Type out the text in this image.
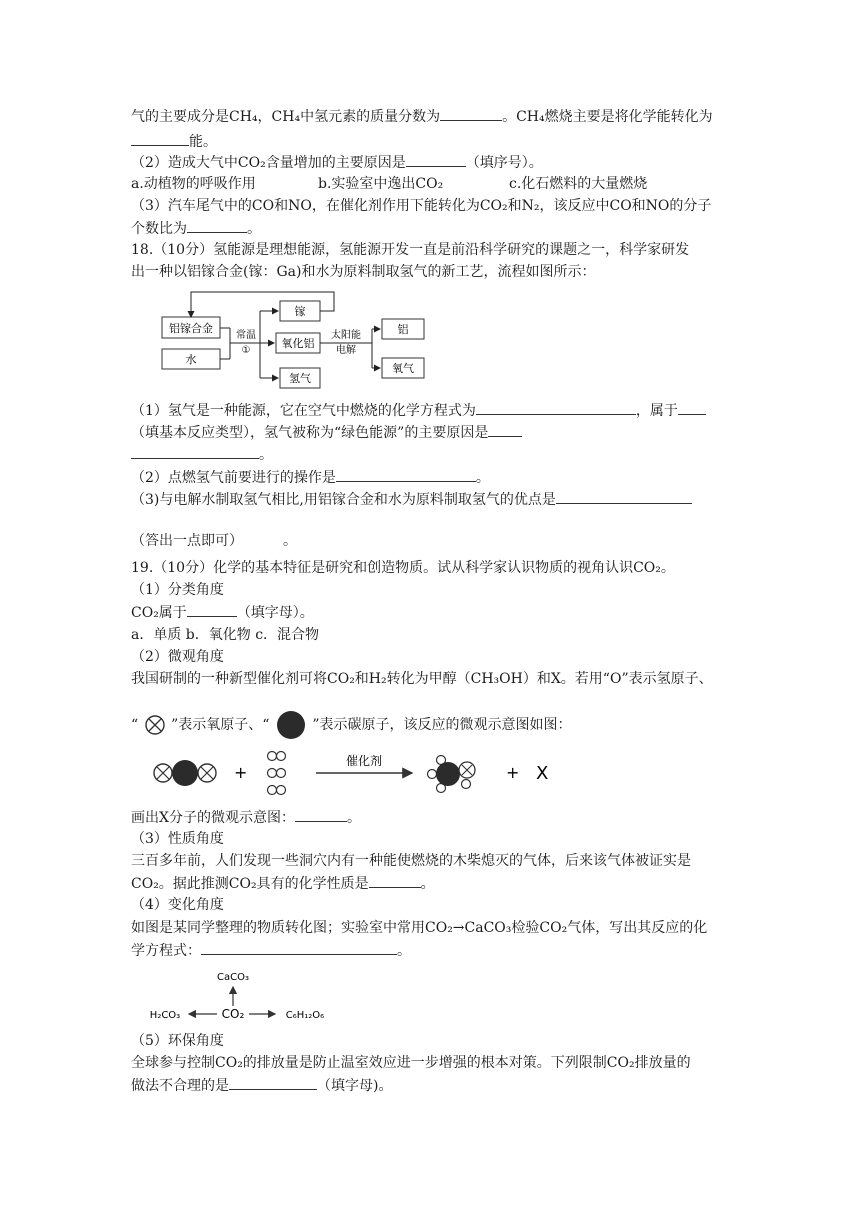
气的主要成分是CH₄，CH₄中氢元素的质量分数为	。CH₄燃烧主要是将化学能转化为
能。
（2）造成大气中CO₂含量增加的主要原因是	（填序号）。
a.动植物的呼吸作用	b.实验室中逸出CO₂	c.化石燃料的大量燃烧
（3）汽车尾气中的CO和NO，在催化剂作用下能转化为CO₂和N₂，该反应中CO和NO的分子
个数比为	。
18.（10分）氢能源是理想能源，氢能源开发一直是前沿科学研究的课题之一，科学家研发
出一种以铝镓合金(镓：Ga)和水为原料制取氢气的新工艺，流程如图所示：
铝镓合金
水
镓
氧化铝
氢气
铝
氧气
常温
①
太阳能
电解
（1）氢气是一种能源，它在空气中燃烧的化学方程式为	，属于
（填基本反应类型），氢气被称为“绿色能源”的主要原因是
。
（2）点燃氢气前要进行的操作是	。
（3)与电解水制取氢气相比,用铝镓合金和水为原料制取氢气的优点是
（答出一点即可）	。
19.（10分）化学的基本特征是研究和创造物质。试从科学家认识物质的视角认识CO₂。
（1）分类角度
CO₂属于	（填字母）。
a．单质 b．氧化物 c．混合物
（2）微观角度
我国研制的一种新型催化剂可将CO₂和H₂转化为甲醇（CH₃OH）和X。若用“O”表示氢原子、
“ ”表示氧原子、“	”表示碳原子，该反应的微观示意图如图：
+
催化剂
+ X
画出X分子的微观示意图：	。
（3）性质角度
三百多年前，人们发现一些洞穴内有一种能使燃烧的木柴熄灭的气体，后来该气体被证实是
CO₂。据此推测CO₂具有的化学性质是	。
（4）变化角度
如图是某同学整理的物质转化图；实验室中常用CO₂→CaCO₃检验CO₂气体，写出其反应的化
学方程式：	。
CaCO₃
CO₂
H₂CO₃	C₆H₁₂O₆
（5）环保角度
全球参与控制CO₂的排放量是防止温室效应进一步增强的根本对策。下列限制CO₂排放量的
做法不合理的是	（填字母)。
